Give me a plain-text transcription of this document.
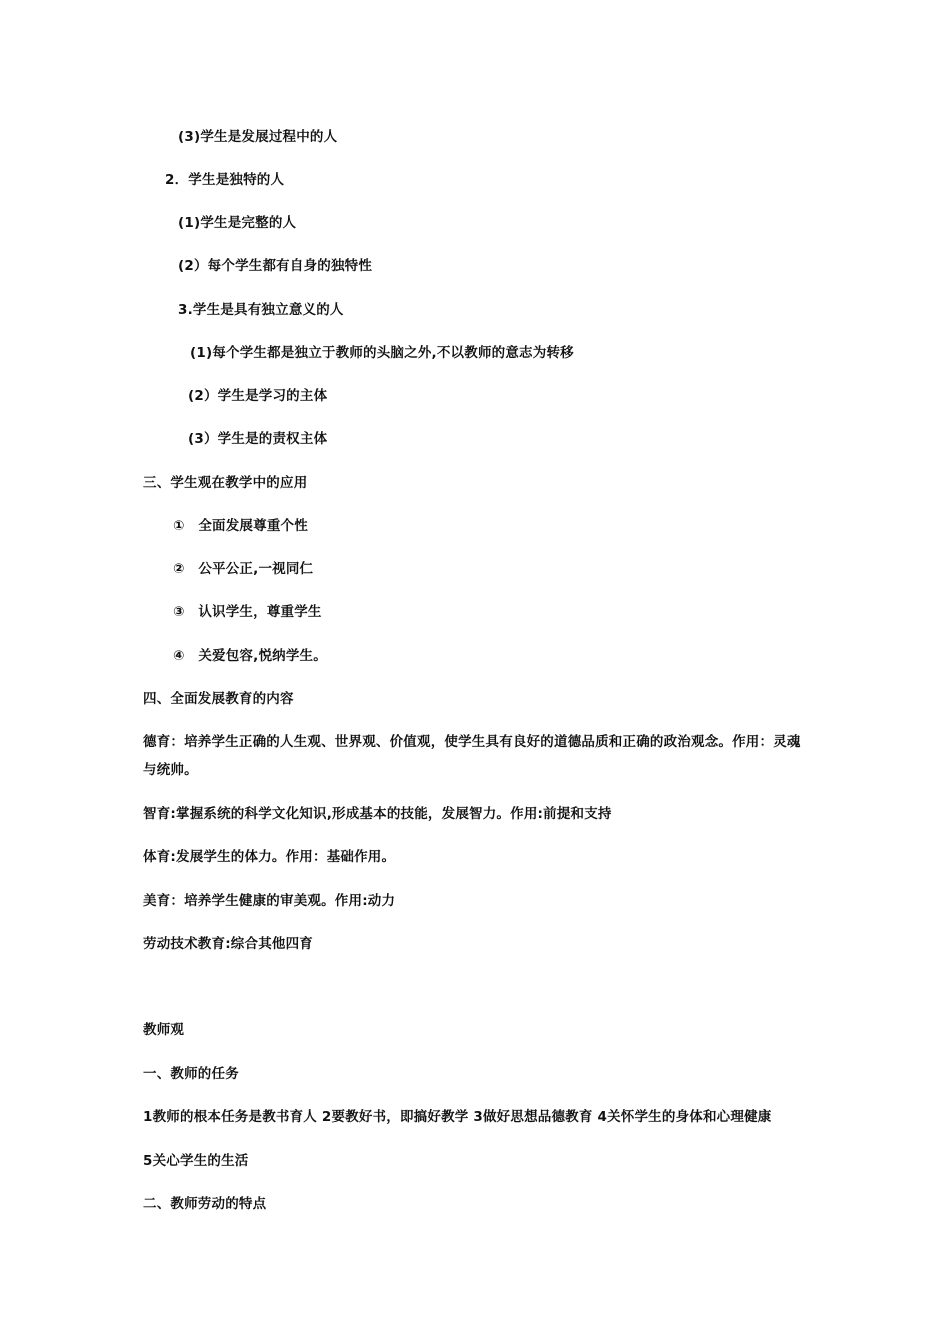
(3)学生是发展过程中的人
2．学生是独特的人
(1)学生是完整的人
(2）每个学生都有自身的独特性
3.学生是具有独立意义的人
(1)每个学生都是独立于教师的头脑之外,不以教师的意志为转移
(2）学生是学习的主体
(3）学生是的责权主体
三、学生观在教学中的应用
①　全面发展尊重个性
②　公平公正,一视同仁
③　认识学生，尊重学生
④　关爱包容,悦纳学生。
四、全面发展教育的内容
德育：培养学生正确的人生观、世界观、价值观，使学生具有良好的道德品质和正确的政治观念。作用：灵魂与统帅。
智育:掌握系统的科学文化知识,形成基本的技能，发展智力。作用:前提和支持
体育:发展学生的体力。作用：基础作用。
美育：培养学生健康的审美观。作用:动力
劳动技术教育:综合其他四育
教师观
一、教师的任务
1教师的根本任务是教书育人 2要教好书，即搞好教学 3做好思想品德教育 4关怀学生的身体和心理健康
5关心学生的生活
二、教师劳动的特点
